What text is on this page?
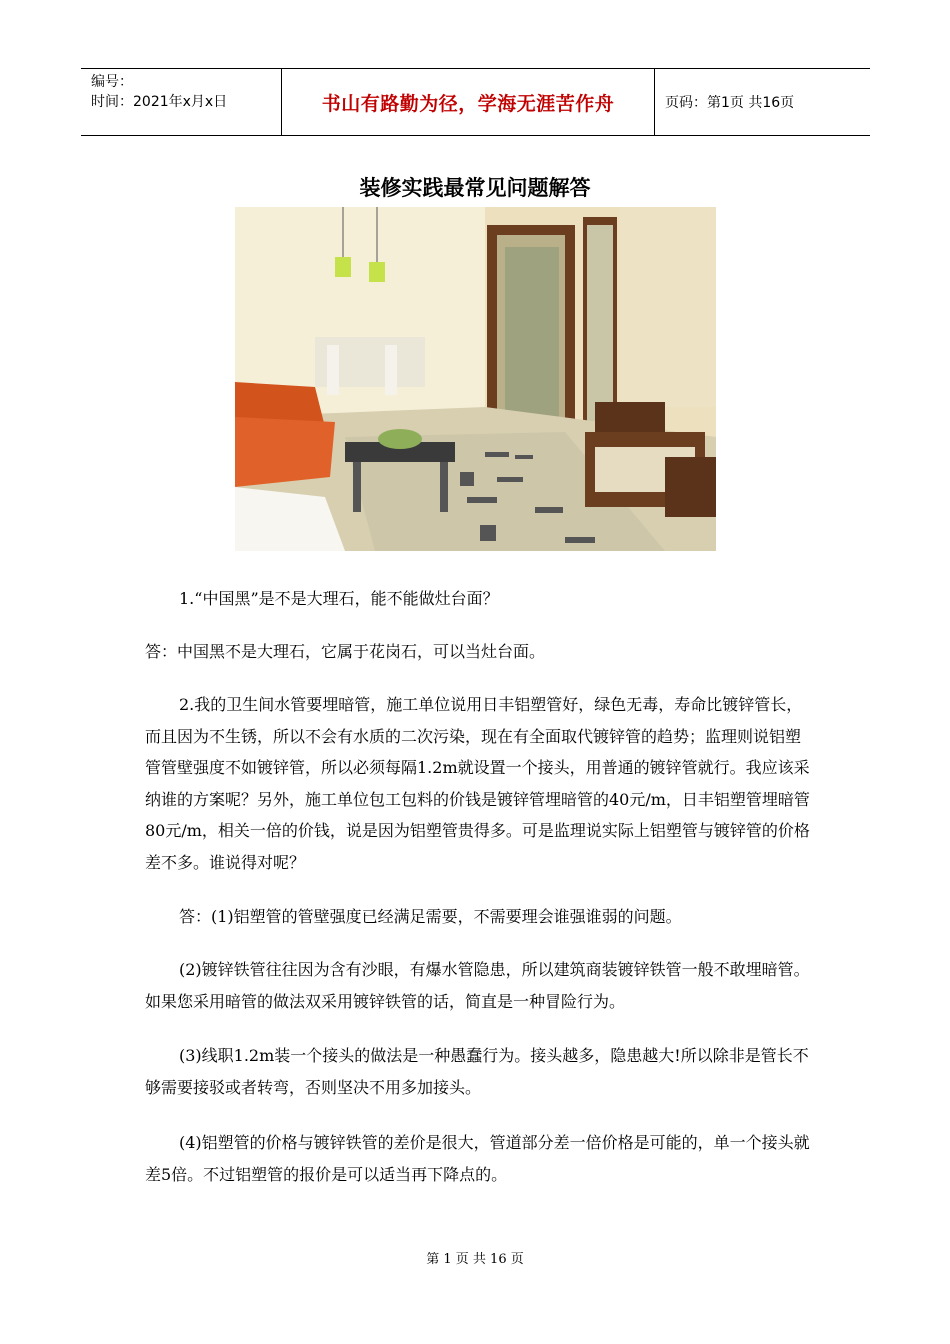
编号：
时间：2021年x月x日	书山有路勤为径，学海无涯苦作舟	页码：第1页 共16页
装修实践最常见问题解答

1.“中国黑”是不是大理石，能不能做灶台面？

答：中国黑不是大理石，它属于花岗石，可以当灶台面。

2.我的卫生间水管要埋暗管，施工单位说用日丰铝塑管好，绿色无毒，寿命比镀锌管长，而且因为不生锈，所以不会有水质的二次污染，现在有全面取代镀锌管的趋势；监理则说铝塑管管壁强度不如镀锌管，所以必须每隔1.2m就设置一个接头，用普通的镀锌管就行。我应该采纳谁的方案呢？另外，施工单位包工包料的价钱是镀锌管埋暗管的40元/m，日丰铝塑管埋暗管80元/m，相关一倍的价钱，说是因为铝塑管贵得多。可是监理说实际上铝塑管与镀锌管的价格差不多。谁说得对呢？

答：(1)铝塑管的管壁强度已经满足需要，不需要理会谁强谁弱的问题。

(2)镀锌铁管往往因为含有沙眼，有爆水管隐患，所以建筑商装镀锌铁管一般不敢埋暗管。如果您采用暗管的做法双采用镀锌铁管的话，简直是一种冒险行为。

(3)线职1.2m装一个接头的做法是一种愚蠢行为。接头越多，隐患越大!所以除非是管长不够需要接驳或者转弯，否则坚决不用多加接头。

(4)铝塑管的价格与镀锌铁管的差价是很大，管道部分差一倍价格是可能的，单一个接头就差5倍。不过铝塑管的报价是可以适当再下降点的。

第 1 页 共 16 页
